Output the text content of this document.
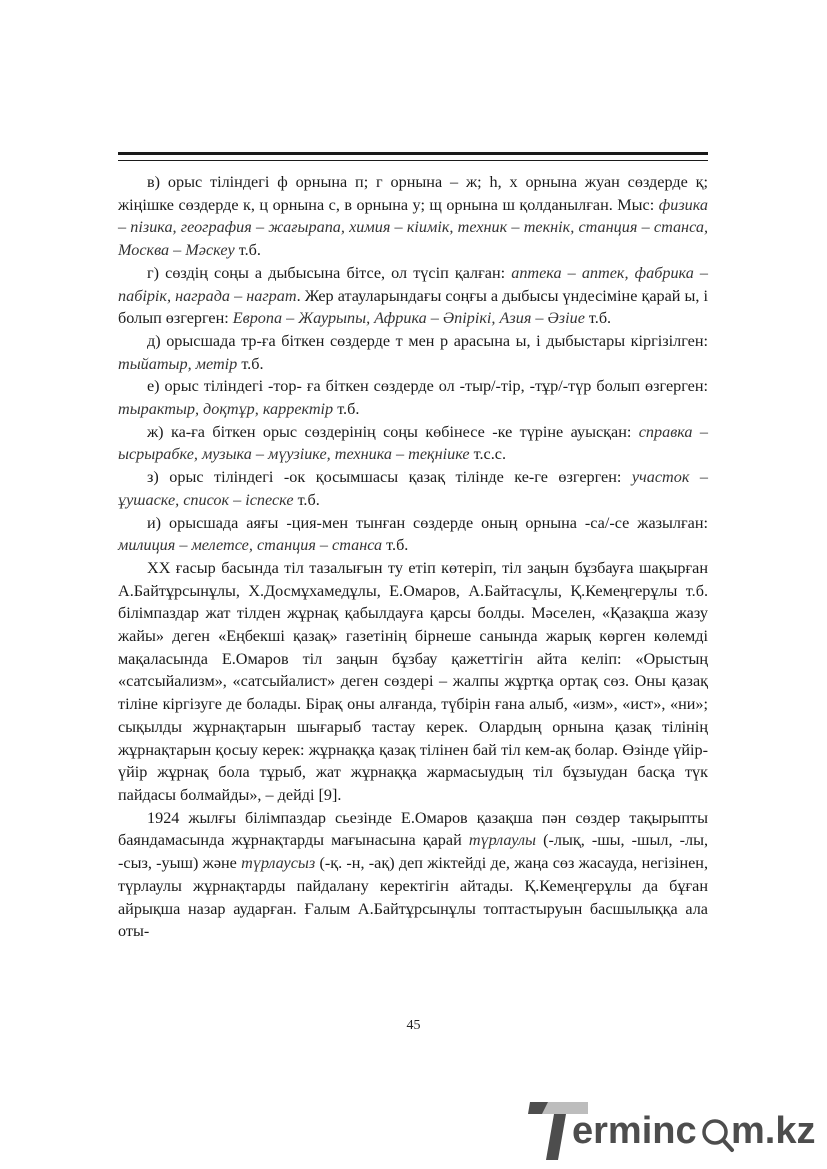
в) орыс тіліндегі ф орнына п; г орнына – ж; h, х орнына жуан сөздерде қ; жіңішке сөздерде к, ц орнына с, в орнына у; щ орнына ш қолданылған. Мыс: физика – пізика, география – жағырапа, химия – кіимік, техник – текнік, станция – станса, Москва – Мәскеу т.б.

г) сөздің соңы а дыбысына бітсе, ол түсіп қалған: аптека – аптек, фабрика – пабірік, награда – награт. Жер атауларындағы соңғы а дыбысы үндесіміне қарай ы, і болып өзгерген: Европа – Жаурыпы, Африка – Әпірікі, Азия – Әзіие т.б.

д) орысшада тр-ға біткен сөздерде т мен р арасына ы, і дыбыстары кіргізілген: тыйатыр, метір т.б.

е) орыс тіліндегі -тор- ға біткен сөздерде ол -тыр/-тір, -тұр/-түр болып өзгерген: тырактыр, доқтұр, карректір т.б.

ж) ка-ға біткен орыс сөздерінің соңы көбінесе -ке түріне ауысқан: справка – ысрырабке, музыка – мүузіике, техника – теқніике т.с.с.

з) орыс тіліндегі -ок қосымшасы қазақ тілінде ке-ге өзгерген: участок – ұушаске, список – іспеске т.б.

и) орысшада аяғы -ция-мен тынған сөздерде оның орнына -са/-се жазылған: милиция – мелетсе, станция – станса т.б.

ХХ ғасыр басында тіл тазалығын ту етіп көтеріп, тіл заңын бұзбауға шақырған А.Байтұрсынұлы, Х.Досмұхамедұлы, Е.Омаров, А.Байтасұлы, Қ.Кемеңгерұлы т.б. білімпаздар жат тілден жұрнақ қабылдауға қарсы болды. Мәселен, «Қазақша жазу жайы» деген «Еңбекші қазақ» газетінің бірнеше санында жарық көрген көлемді мақаласында Е.Омаров тіл заңын бұзбау қажеттігін айта келіп: «Орыстың «сатсыйализм», «сатсыйалист» деген сөздері – жалпы жұртқа ортақ сөз. Оны қазақ тіліне кіргізуге де болады. Бірақ оны алғанда, түбірін ғана алыб, «изм», «ист», «ни»; сықылды жұрнақтарын шығарыб тастау керек. Олардың орнына қазақ тілінің жұрнақтарын қосыу керек: жұрнаққа қазақ тілінен бай тіл кем-ақ болар. Өзінде үйір-үйір жұрнақ бола тұрыб, жат жұрнаққа жармасыудың тіл бұзыудан басқа түк пайдасы болмайды», – дейді [9].

1924 жылғы білімпаздар сьезінде Е.Омаров қазақша пән сөздер тақырыпты баяндамасында жұрнақтарды мағынасына қарай түрлаулы (-лық, -шы, -шыл, -лы, -сыз, -уыш) және түрлаусыз (-қ. -н, -ақ) деп жіктейді де, жаңа сөз жасауда, негізінен, түрлаулы жұрнақтарды пайдалану керектігін айтады. Қ.Кемеңгерұлы да бұған айрықша назар аударған. Ғалым А.Байтұрсынұлы топтастыруын басшылыққа ала оты-

45
erminc m.kz
Termincom.kz
